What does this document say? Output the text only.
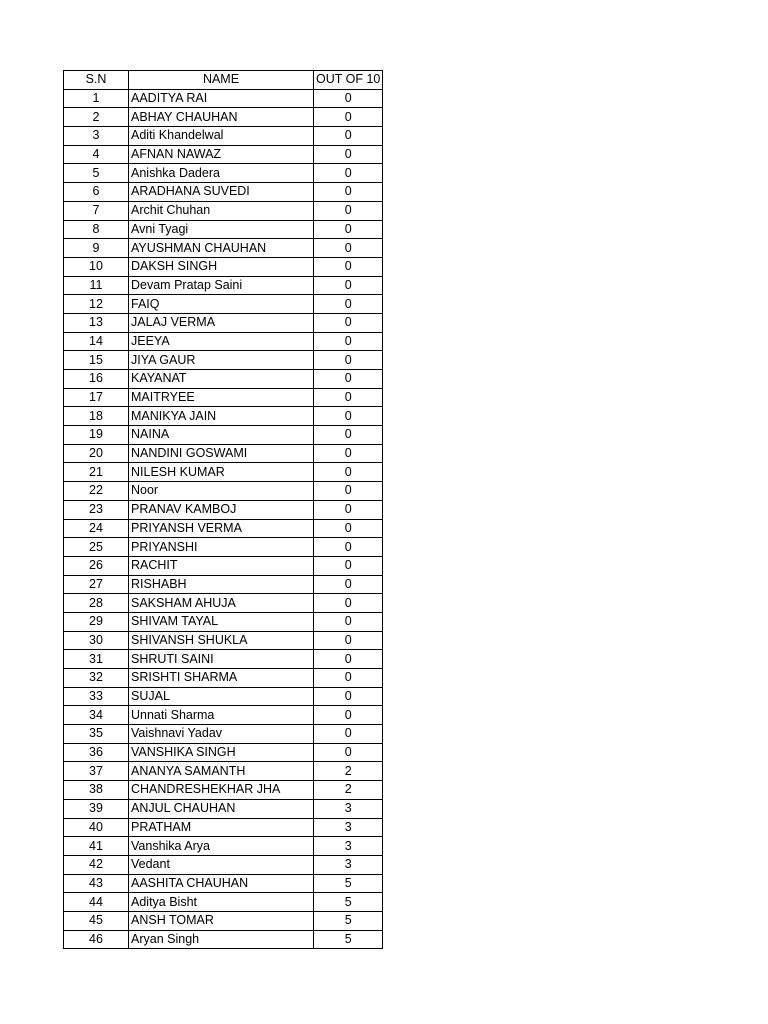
S.N	NAME	OUT OF 10
1	AADITYA RAI	0
2	ABHAY CHAUHAN	0
3	Aditi Khandelwal	0
4	AFNAN NAWAZ	0
5	Anishka Dadera	0
6	ARADHANA SUVEDI	0
7	Archit Chuhan	0
8	Avni Tyagi	0
9	AYUSHMAN CHAUHAN	0
10	DAKSH SINGH	0
11	Devam Pratap Saini	0
12	FAIQ	0
13	JALAJ VERMA	0
14	JEEYA	0
15	JIYA GAUR	0
16	KAYANAT	0
17	MAITRYEE	0
18	MANIKYA JAIN	0
19	NAINA	0
20	NANDINI GOSWAMI	0
21	NILESH KUMAR	0
22	Noor	0
23	PRANAV KAMBOJ	0
24	PRIYANSH VERMA	0
25	PRIYANSHI	0
26	RACHIT	0
27	RISHABH	0
28	SAKSHAM AHUJA	0
29	SHIVAM TAYAL	0
30	SHIVANSH SHUKLA	0
31	SHRUTI SAINI	0
32	SRISHTI SHARMA	0
33	SUJAL	0
34	Unnati Sharma	0
35	Vaishnavi Yadav	0
36	VANSHIKA SINGH	0
37	ANANYA SAMANTH	2
38	CHANDRESHEKHAR JHA	2
39	ANJUL CHAUHAN	3
40	PRATHAM	3
41	Vanshika Arya	3
42	Vedant	3
43	AASHITA CHAUHAN	5
44	Aditya Bisht	5
45	ANSH TOMAR	5
46	Aryan Singh	5
